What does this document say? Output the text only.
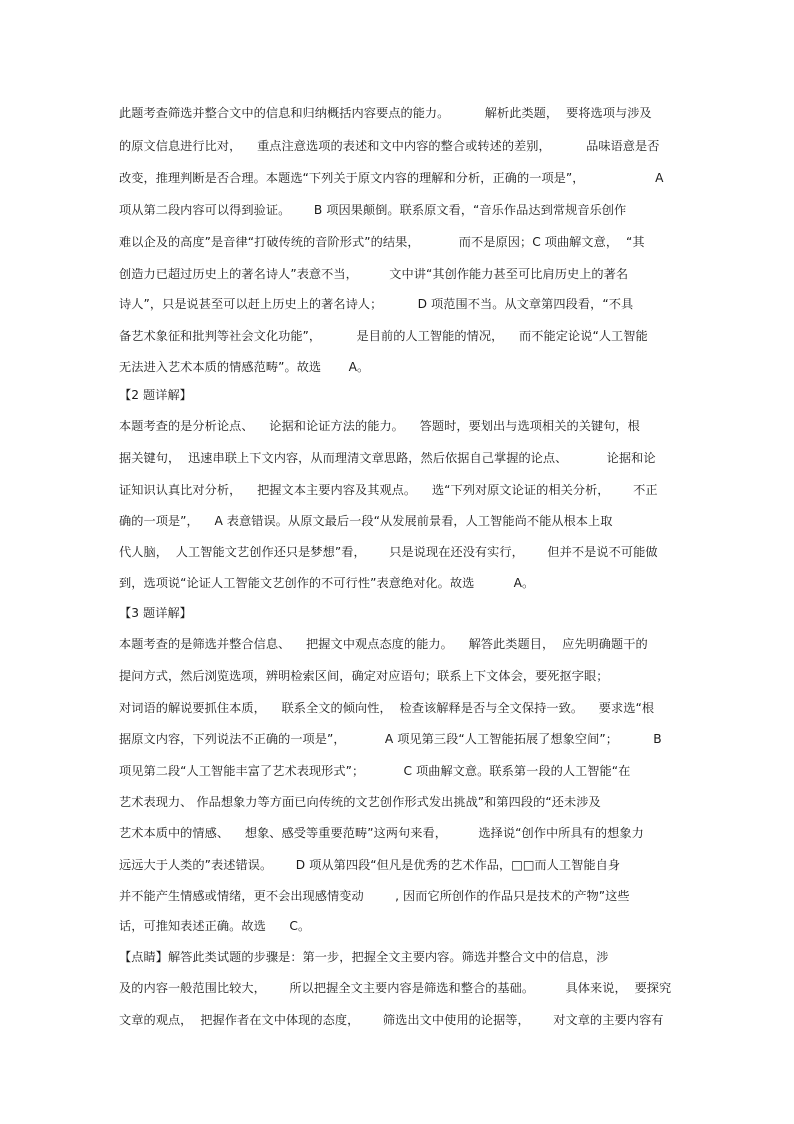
此题考查筛选并整合文中的信息和归纳概括内容要点的能力。         解析此类题，  要将选项与涉及
的原文信息进行比对，    重点注意选项的表述和文中内容的整合或转述的差别，         品味语意是否
改变，推理判断是否合理。本题选“下列关于原文内容的理解和分析，正确的一项是”，                  A
项从第二段内容可以得到验证。      B 项因果颠倒。联系原文看，“音乐作品达到常规音乐创作
难以企及的高度”是音律“打破传统的音阶形式”的结果，          而不是原因；C 项曲解文意，  “其
创造力已超过历史上的著名诗人”表意不当，        文中讲“其创作能力甚至可比肩历史上的著名
诗人”，只是说甚至可以赶上历史上的著名诗人；         D 项范围不当。从文章第四段看，“不具
备艺术象征和批判等社会文化功能”，         是目前的人工智能的情况，    而不能定论说“人工智能
无法进入艺术本质的情感范畴”。故选       A。
【2 题详解】
本题考查的是分析论点、    论据和论证方法的能力。    答题时，要划出与选项相关的关键句，根
据关键句，  迅速串联上下文内容，从而理清文章思路，然后依据自己掌握的论点、          论据和论
证知识认真比对分析，    把握文本主要内容及其观点。    选“下列对原文论证的相关分析，      不正
确的一项是”，    A 表意错误。从原文最后一段“从发展前景看，人工智能尚不能从根本上取
代人脑，  人工智能文艺创作还只是梦想”看，      只是说现在还没有实行，      但并不是说不可能做
到，选项说“论证人工智能文艺创作的不可行性”表意绝对化。故选          A。
【3 题详解】
本题考查的是筛选并整合信息、    把握文中观点态度的能力。    解答此类题目，  应先明确题干的
提问方式，然后浏览选项，辨明检索区间，确定对应语句；联系上下文体会，要死抠字眼；
对词语的解说要抓住本质，    联系全文的倾向性，  检查该解释是否与全文保持一致。    要求选“根
据原文内容，下列说法不正确的一项是”，          A 项见第三段“人工智能拓展了想象空间”；         B
项见第二段“人工智能丰富了艺术表现形式”；          C 项曲解文意。联系第一段的人工智能“在
艺术表现力、 作品想象力等方面已向传统的文艺创作形式发出挑战”和第四段的“还未涉及
艺术本质中的情感、    想象、感受等重要范畴”这两句来看，        选择说“创作中所具有的想象力
远远大于人类的”表述错误。      D 项从第四段“但凡是优秀的艺术作品，□□而人工智能自身
并不能产生情感或情绪，更不会出现感情变动        , 因而它所创作的作品只是技术的产物”这些
话，可推知表述正确。故选      C。
【点睛】解答此类试题的步骤是：第一步，把握全文主要内容。筛选并整合文中的信息，涉
及的内容一般范围比较大，      所以把握全文主要内容是筛选和整合的基础。        具体来说，  要探究
文章的观点，  把握作者在文中体现的态度，      筛选出文中使用的论据等，      对文章的主要内容有
